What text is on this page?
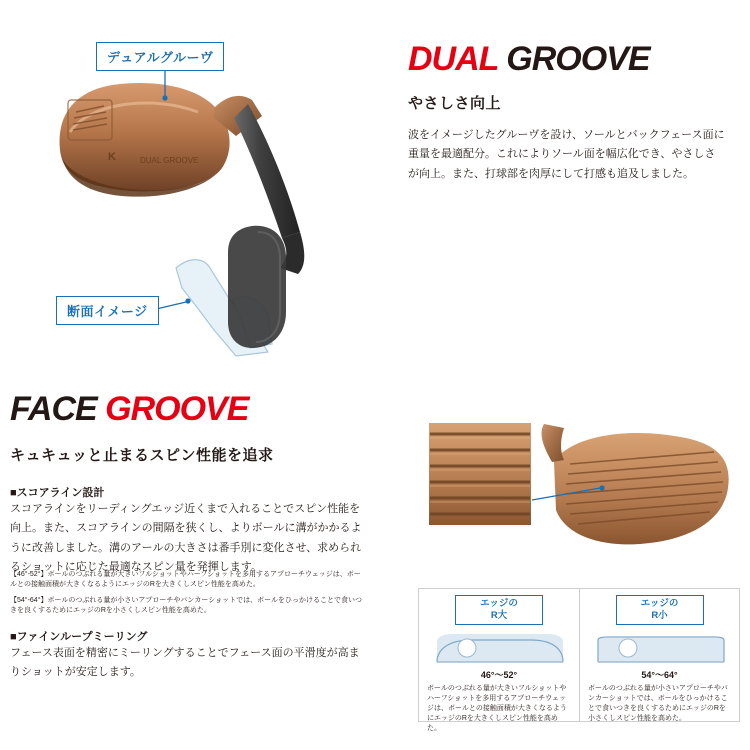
K	DUAL GROOVE
デュアルグルーヴ
断面イメージ
DUAL GROOVE
やさしさ向上
波をイメージしたグルーヴを設け、ソールとバックフェース面に重量を最適配分。これによりソール面を幅広化でき、やさしさが向上。また、打球部を肉厚にして打感も追及しました。
FACE GROOVE
キュキュッと止まるスピン性能を追求
■スコアライン設計
スコアラインをリーディングエッジ近くまで入れることでスピン性能を向上。また、スコアラインの間隔を狭くし、よりボールに溝がかかるように改善しました。溝のアールの大きさは番手別に変化させ、求められるショットに応じた最適なスピン量を発揮します。
【46°-52°】ボールのつぶれる量が大きいフルショットやハーフショットを多用するアプローチウェッジは、ボールとの接触面積が大きくなるようにエッジのRを大きくしスピン性能を高めた。
【54°-64°】ボールのつぶれる量が小さいアプローチやバンカーショットでは、ボールをひっかけることで食いつきを良くするためにエッジのRを小さくしスピン性能を高めた。
■ファインループミーリング
フェース表面を精密にミーリングすることでフェース面の平滑度が高まりショットが安定します。
エッジの
R大
46°〜52°
ボールのつぶれる量が大きいフルショットやハーフショットを多用するアプローチウェッジは、ボールとの接触面積が大きくなるようにエッジのRを大きくしスピン性能を高めた。
エッジの
R小
54°〜64°
ボールのつぶれる量が小さいアプローチやバンカーショットでは、ボールをひっかけることで食いつきを良くするためにエッジのRを小さくしスピン性能を高めた。
